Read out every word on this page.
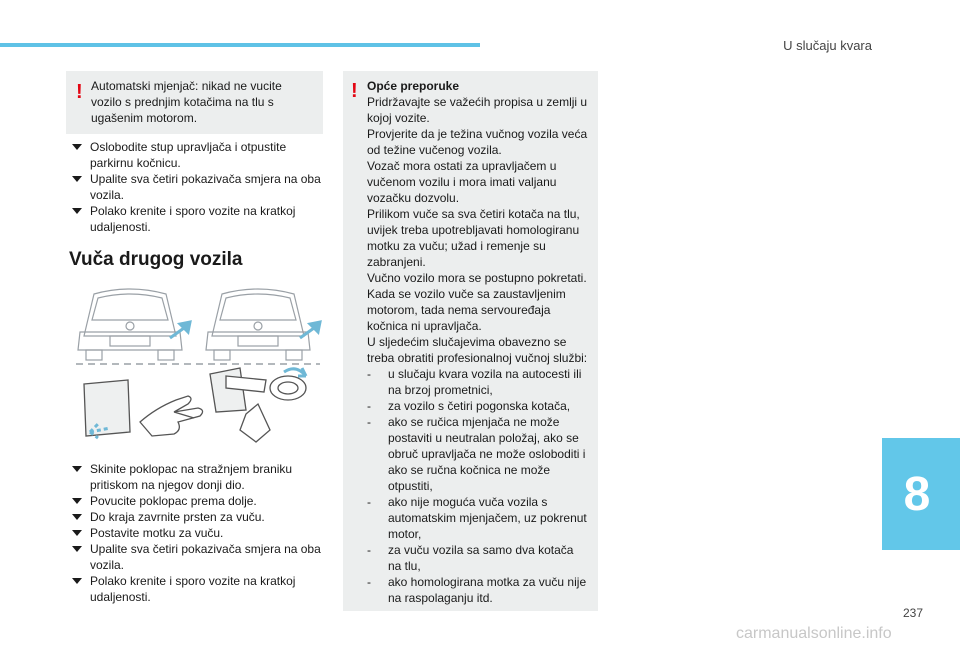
U slučaju kvara
! Automatski mjenjač: nikad ne vucite vozilo s prednjim kotačima na tlu s ugašenim motorom.
Oslobodite stup upravljača i otpustite parkirnu kočnicu.
Upalite sva četiri pokazivača smjera na oba vozila.
Polako krenite i sporo vozite na kratkoj udaljenosti.
Vuča drugog vozila
Skinite poklopac na stražnjem braniku pritiskom na njegov donji dio.
Povucite poklopac prema dolje.
Do kraja zavrnite prsten za vuču.
Postavite motku za vuču.
Upalite sva četiri pokazivača smjera na oba vozila.
Polako krenite i sporo vozite na kratkoj udaljenosti.
! Opće preporuke
Pridržavajte se važećih propisa u zemlji u kojoj vozite.
Provjerite da je težina vučnog vozila veća od težine vučenog vozila.
Vozač mora ostati za upravljačem u vučenom vozilu i mora imati valjanu vozačku dozvolu.
Prilikom vuče sa sva četiri kotača na tlu, uvijek treba upotrebljavati homologiranu motku za vuču; užad i remenje su zabranjeni.
Vučno vozilo mora se postupno pokretati.
Kada se vozilo vuče sa zaustavljenim motorom, tada nema servouređaja kočnica ni upravljača.
U sljedećim slučajevima obavezno se treba obratiti profesionalnoj vučnoj službi:
- u slučaju kvara vozila na autocesti ili na brzoj prometnici,
- za vozilo s četiri pogonska kotača,
- ako se ručica mjenjača ne može postaviti u neutralan položaj, ako se obruč upravljača ne može osloboditi i ako se ručna kočnica ne može otpustiti,
- ako nije moguća vuča vozila s automatskim mjenjačem, uz pokrenut motor,
- za vuču vozila sa samo dva kotača na tlu,
- ako homologirana motka za vuču nije na raspolaganju itd.
8
237
carmanualsonline.info
